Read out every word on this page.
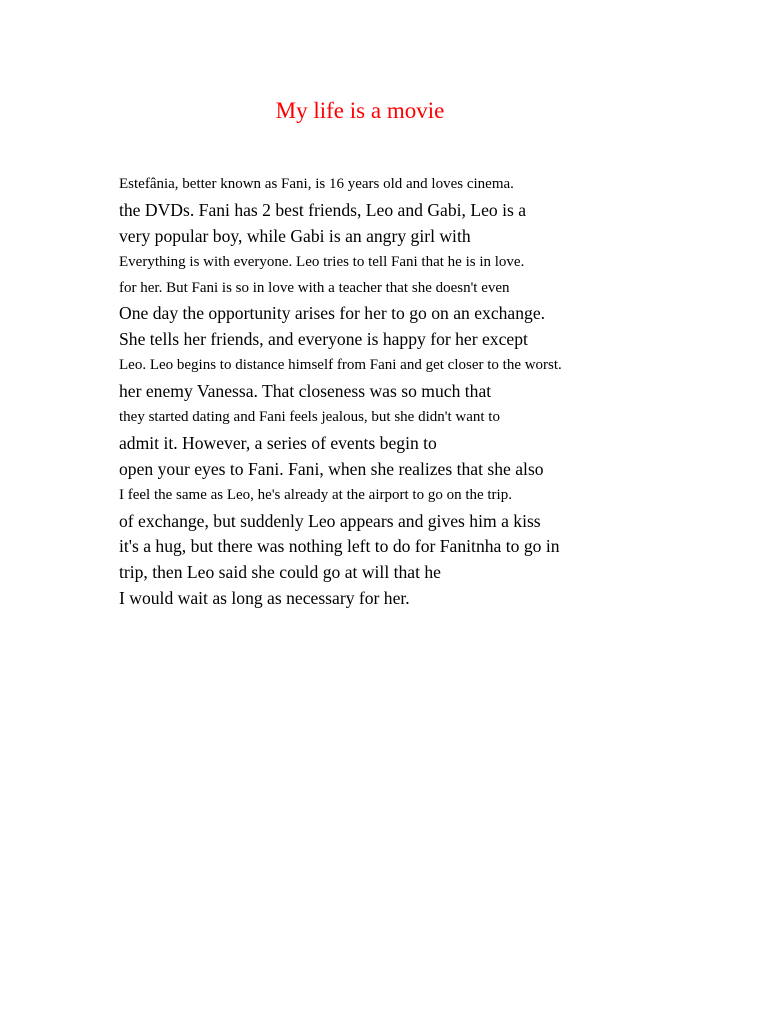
My life is a movie
Estefânia, better known as Fani, is 16 years old and loves cinema.
the DVDs. Fani has 2 best friends, Leo and Gabi, Leo is a
very popular boy, while Gabi is an angry girl with
Everything is with everyone. Leo tries to tell Fani that he is in love.
for her. But Fani is so in love with a teacher that she doesn't even
One day the opportunity arises for her to go on an exchange.
She tells her friends, and everyone is happy for her except
Leo. Leo begins to distance himself from Fani and get closer to the worst.
her enemy Vanessa. That closeness was so much that
they started dating and Fani feels jealous, but she didn't want to
admit it. However, a series of events begin to
open your eyes to Fani. Fani, when she realizes that she also
I feel the same as Leo, he's already at the airport to go on the trip.
of exchange, but suddenly Leo appears and gives him a kiss
it's a hug, but there was nothing left to do for Fanitnha to go in
trip, then Leo said she could go at will that he
I would wait as long as necessary for her.
